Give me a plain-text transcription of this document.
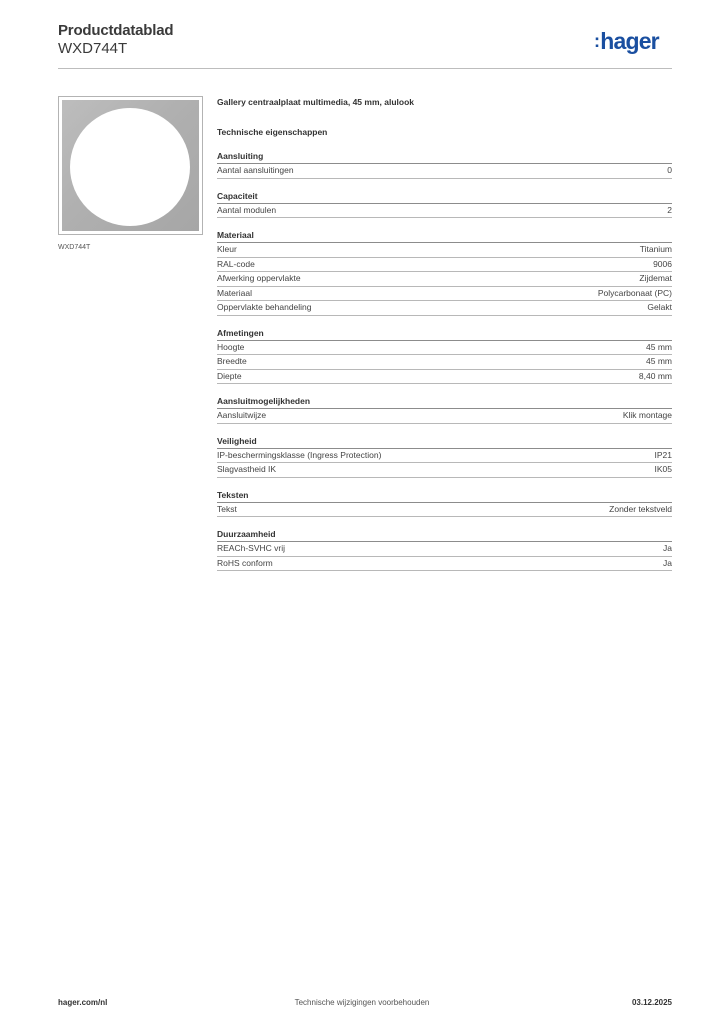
Productdatablad
WXD744T	:hager
WXD744T
Gallery centraalplaat multimedia, 45 mm, alulook
Technische eigenschappen
Aansluiting
Aantal aansluitingen	0
Capaciteit
Aantal modulen	2
Materiaal
Kleur	Titanium
RAL-code	9006
Afwerking oppervlakte	Zijdemat
Materiaal	Polycarbonaat (PC)
Oppervlakte behandeling	Gelakt
Afmetingen
Hoogte	45 mm
Breedte	45 mm
Diepte	8,40 mm
Aansluitmogelijkheden
Aansluitwijze	Klik montage
Veiligheid
IP-beschermingsklasse (Ingress Protection)	IP21
Slagvastheid IK	IK05
Teksten
Tekst	Zonder tekstveld
Duurzaamheid
REACh-SVHC vrij	Ja
RoHS conform	Ja
hager.com/nl	Technische wijzigingen voorbehouden	03.12.2025
